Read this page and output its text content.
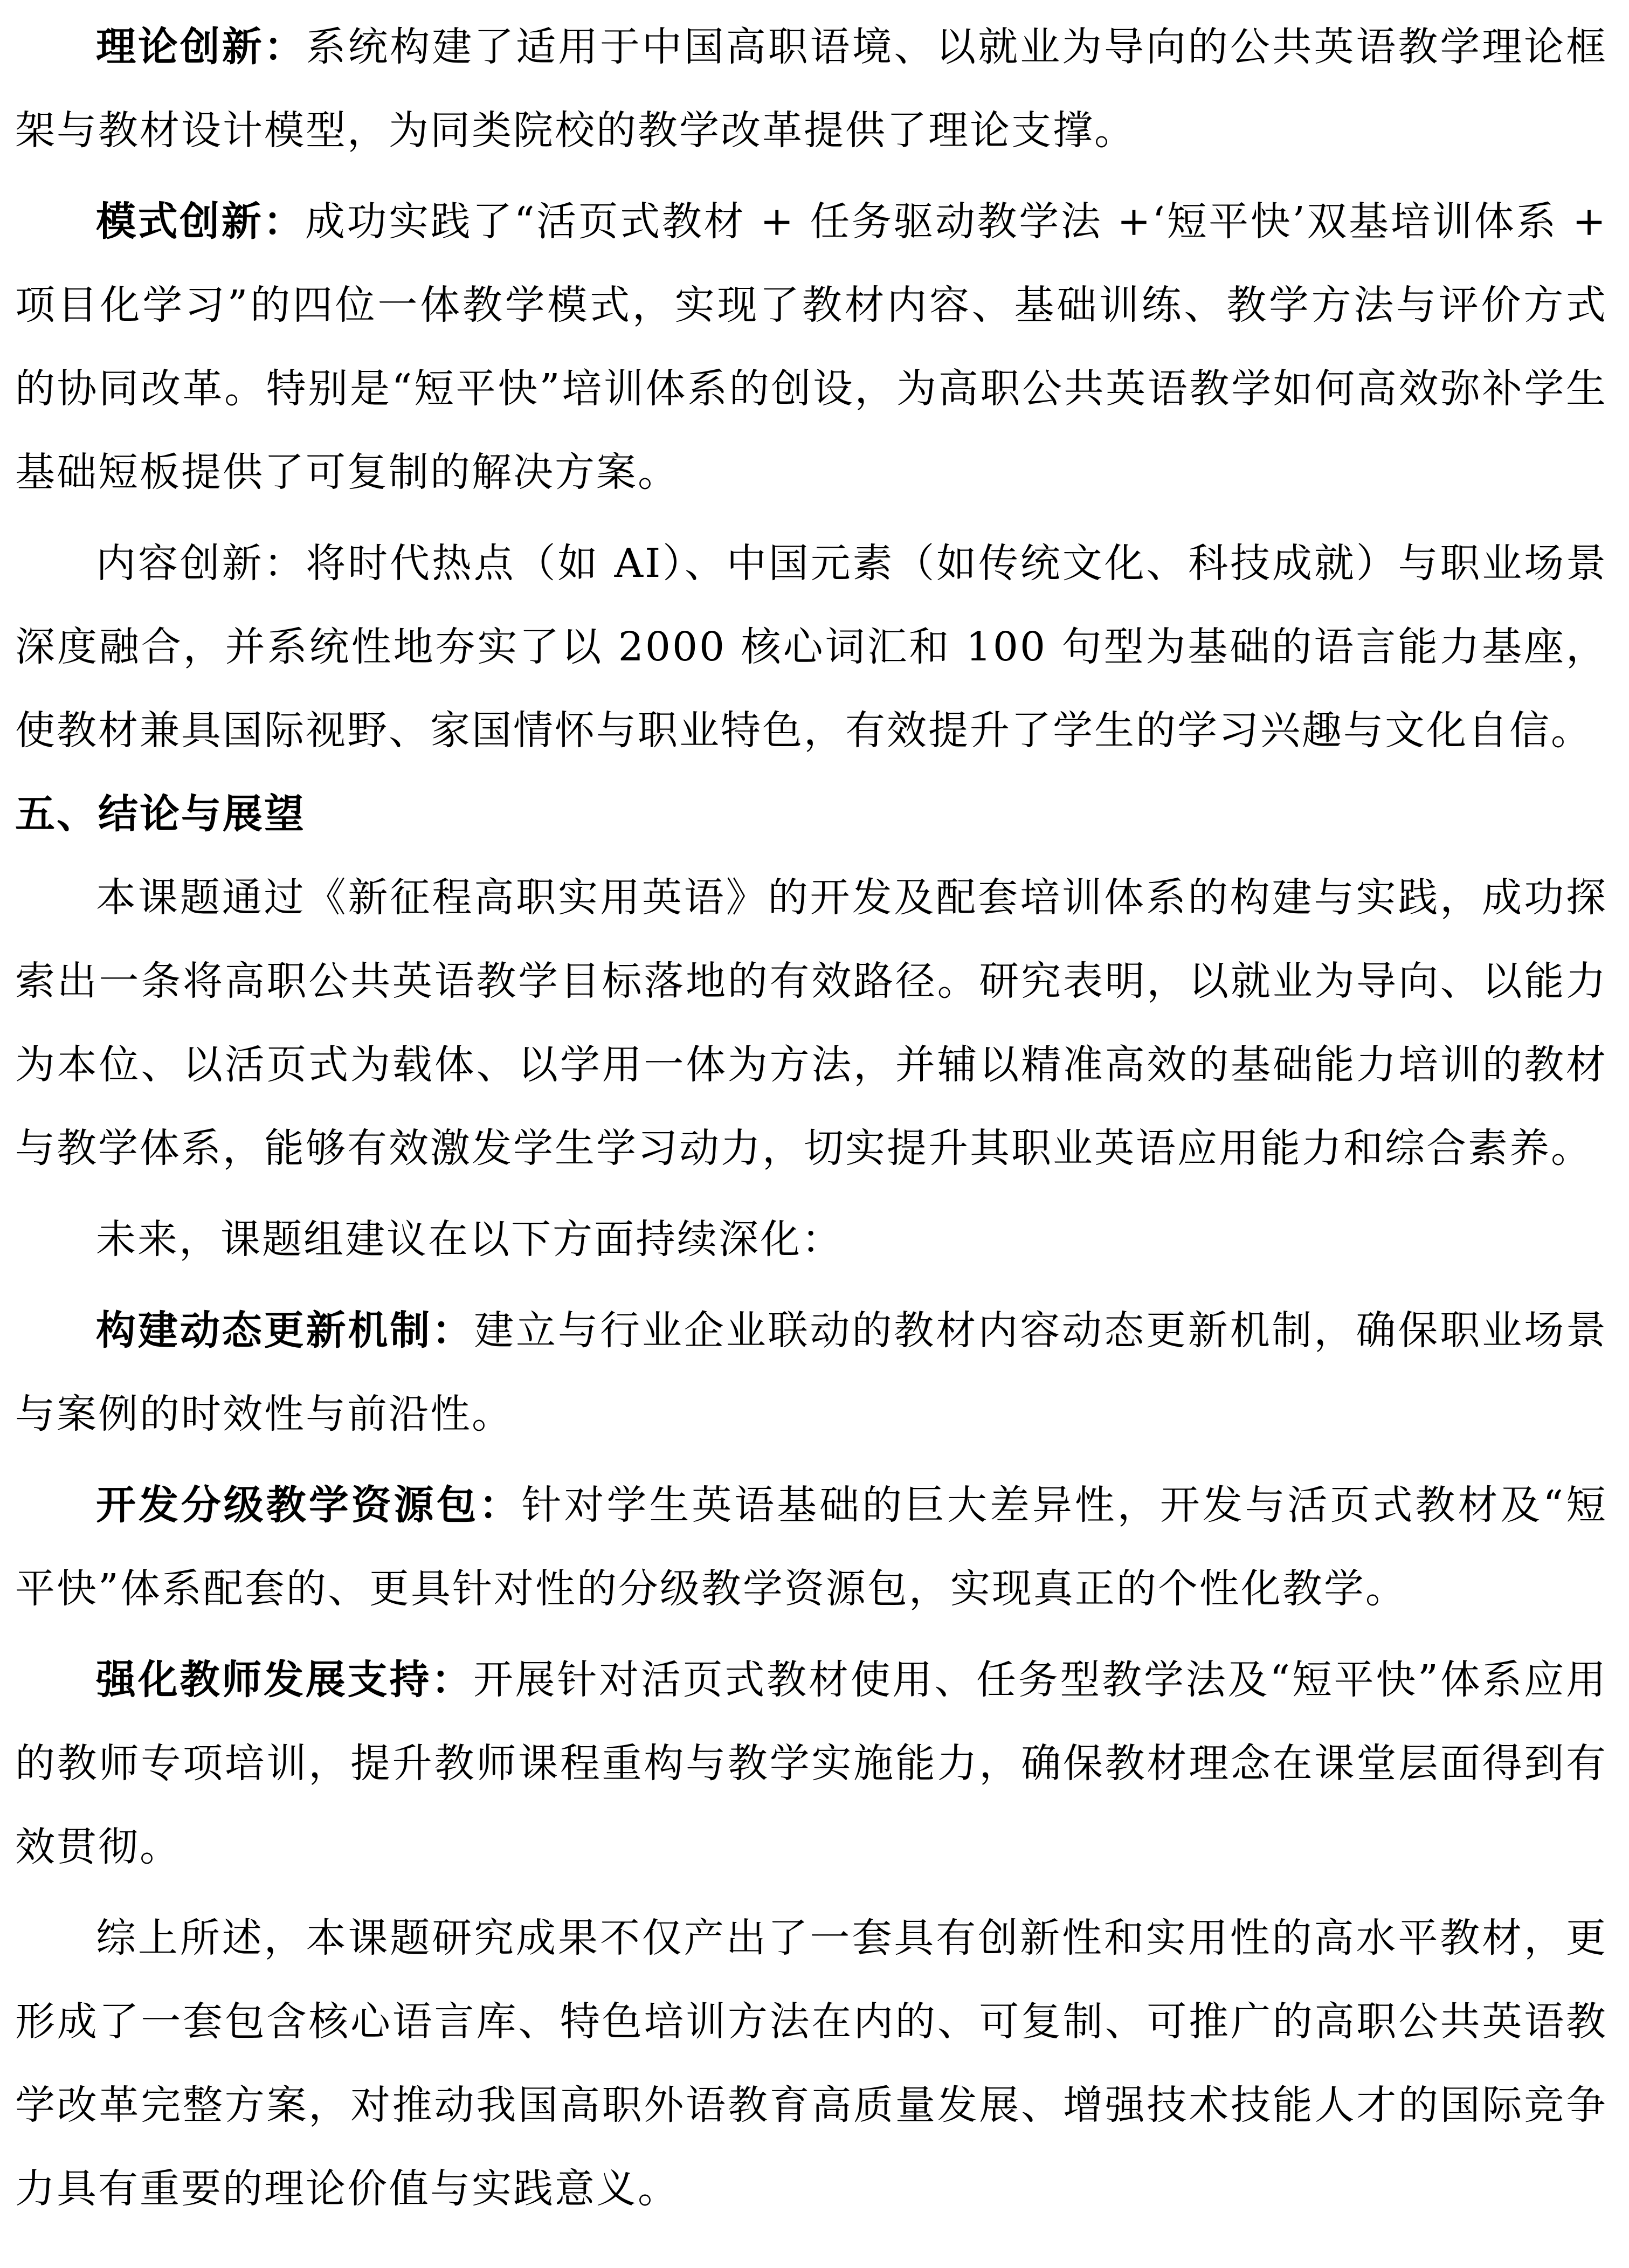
理论创新：系统构建了适用于中国高职语境、以就业为导向的公共英语教学理论框架与教材设计模型，为同类院校的教学改革提供了理论支撑。

模式创新：成功实践了“活页式教材 + 任务驱动教学法 +‘短平快’双基培训体系 + 项目化学习”的四位一体教学模式，实现了教材内容、基础训练、教学方法与评价方式的协同改革。特别是“短平快”培训体系的创设，为高职公共英语教学如何高效弥补学生基础短板提供了可复制的解决方案。

内容创新：将时代热点（如 AI）、中国元素（如传统文化、科技成就）与职业场景深度融合，并系统性地夯实了以 2000 核心词汇和 100 句型为基础的语言能力基座，使教材兼具国际视野、家国情怀与职业特色，有效提升了学生的学习兴趣与文化自信。

五、结论与展望

本课题通过《新征程高职实用英语》的开发及配套培训体系的构建与实践，成功探索出一条将高职公共英语教学目标落地的有效路径。研究表明，以就业为导向、以能力为本位、以活页式为载体、以学用一体为方法，并辅以精准高效的基础能力培训的教材与教学体系，能够有效激发学生学习动力，切实提升其职业英语应用能力和综合素养。

未来，课题组建议在以下方面持续深化：

构建动态更新机制：建立与行业企业联动的教材内容动态更新机制，确保职业场景与案例的时效性与前沿性。

开发分级教学资源包：针对学生英语基础的巨大差异性，开发与活页式教材及“短平快”体系配套的、更具针对性的分级教学资源包，实现真正的个性化教学。

强化教师发展支持：开展针对活页式教材使用、任务型教学法及“短平快”体系应用的教师专项培训，提升教师课程重构与教学实施能力，确保教材理念在课堂层面得到有效贯彻。

综上所述，本课题研究成果不仅产出了一套具有创新性和实用性的高水平教材，更形成了一套包含核心语言库、特色培训方法在内的、可复制、可推广的高职公共英语教学改革完整方案，对推动我国高职外语教育高质量发展、增强技术技能人才的国际竞争力具有重要的理论价值与实践意义。
